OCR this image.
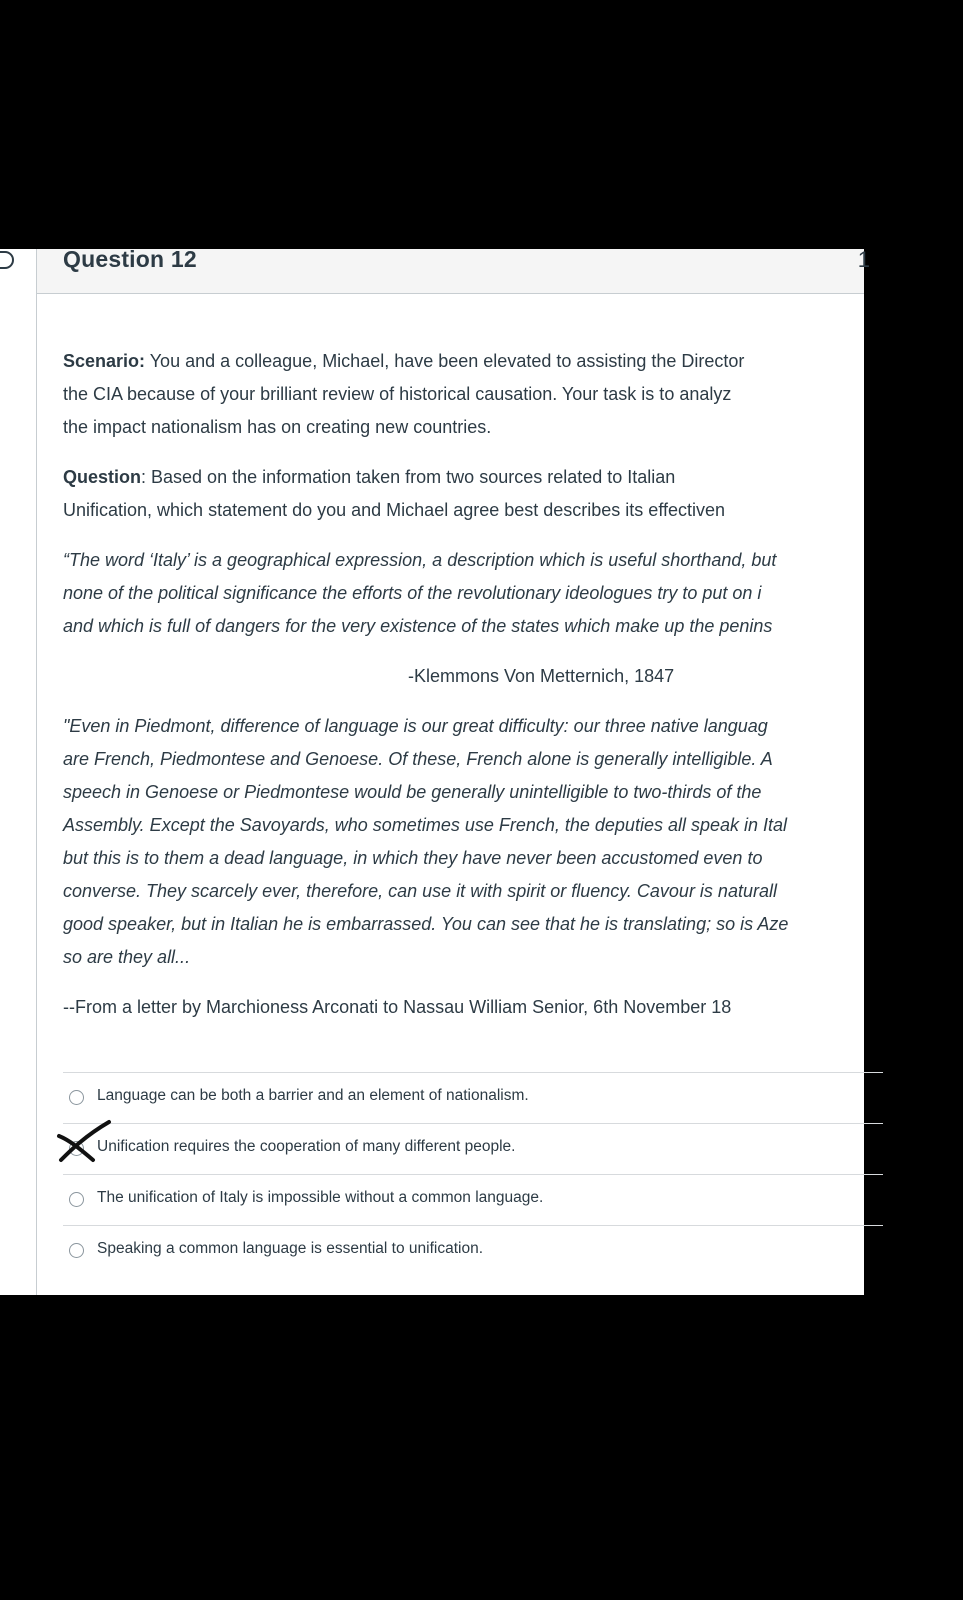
Question 12	1
Scenario: You and a colleague, Michael, have been elevated to assisting the Director
the CIA because of your brilliant review of historical causation. Your task is to analyz
the impact nationalism has on creating new countries.
Question: Based on the information taken from two sources related to Italian
Unification, which statement do you and Michael agree best describes its effectiven
“The word ‘Italy’ is a geographical expression, a description which is useful shorthand, but
none of the political significance the efforts of the revolutionary ideologues try to put on i
and which is full of dangers for the very existence of the states which make up the penins
-Klemmons Von Metternich, 1847
"Even in Piedmont, difference of language is our great difficulty: our three native languag
are French, Piedmontese and Genoese. Of these, French alone is generally intelligible. A
speech in Genoese or Piedmontese would be generally unintelligible to two-thirds of the
Assembly. Except the Savoyards, who sometimes use French, the deputies all speak in Ital
but this is to them a dead language, in which they have never been accustomed even to
converse. They scarcely ever, therefore, can use it with spirit or fluency. Cavour is naturall
good speaker, but in Italian he is embarrassed. You can see that he is translating; so is Aze
so are they all...
--From a letter by Marchioness Arconati to Nassau William Senior, 6th November 18
Language can be both a barrier and an element of nationalism.
Unification requires the cooperation of many different people.
The unification of Italy is impossible without a common language.
Speaking a common language is essential to unification.
